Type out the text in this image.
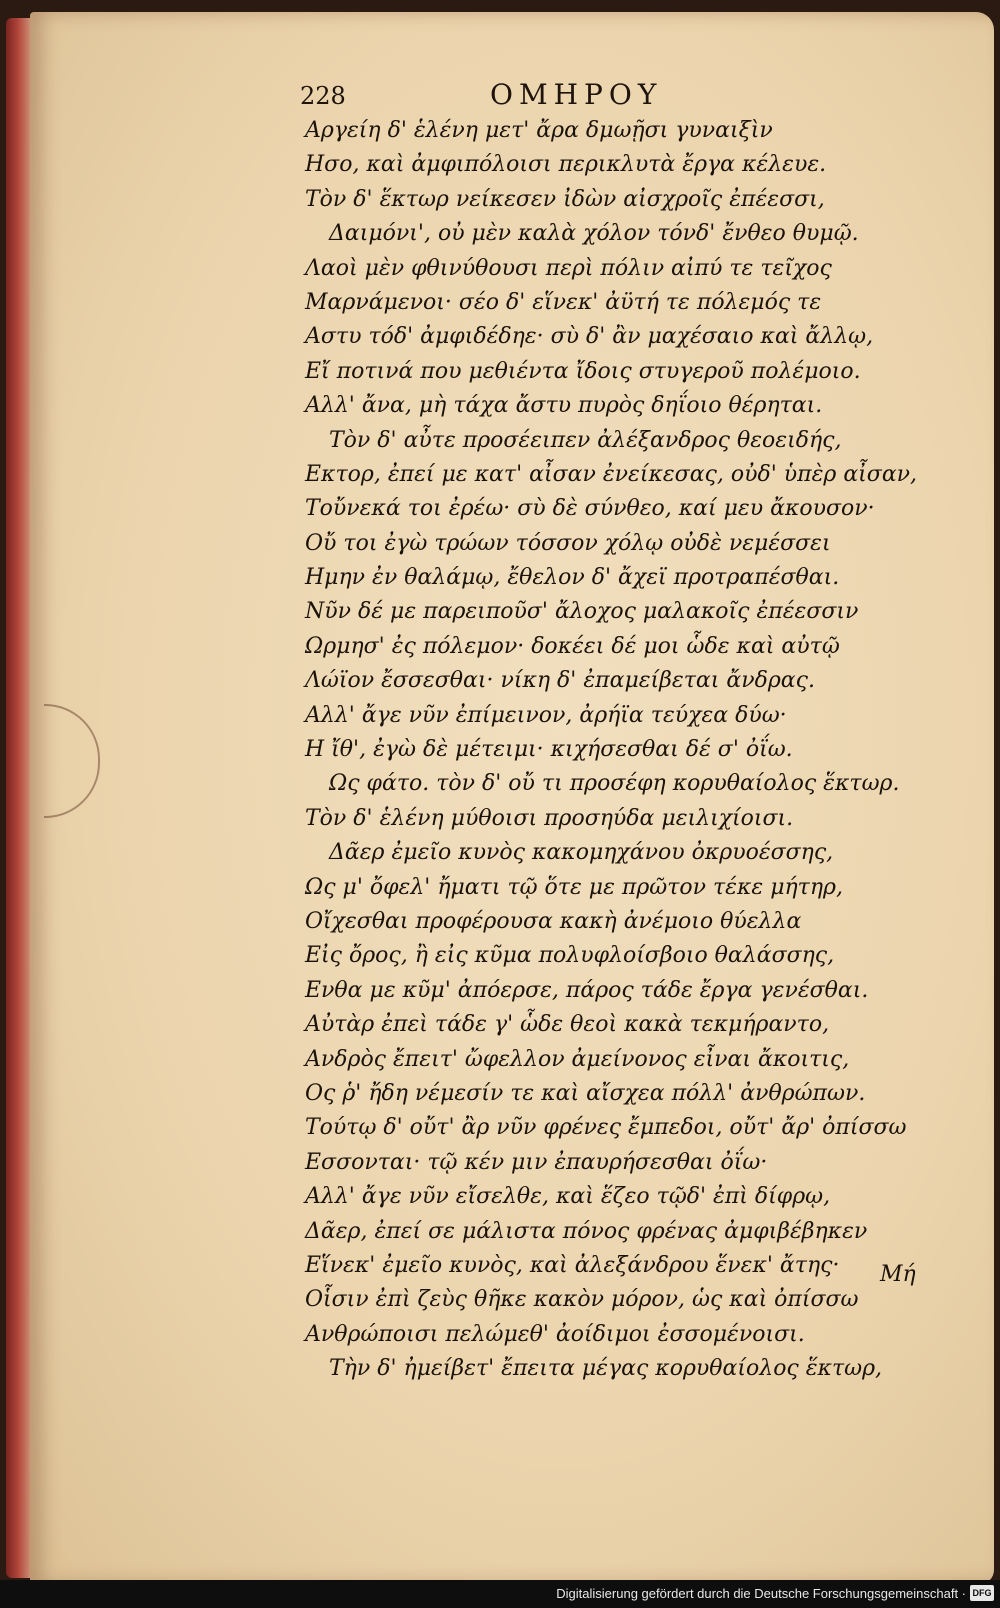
228	ΟΜΗΡΟΥ
Αργείη δ' ἑλένη μετ' ἄρα δμωῇσι γυναιξὶν
Ησο, καὶ ἀμφιπόλοισι περικλυτὰ ἔργα κέλευε.
Τὸν δ' ἕκτωρ νείκεσεν ἰδὼν αἰσχροῖς ἐπέεσσι,
Δαιμόνι', οὐ μὲν καλὰ χόλον τόνδ' ἔνθεο θυμῷ.
Λαοὶ μὲν φθινύθουσι περὶ πόλιν αἰπύ τε τεῖχος
Μαρνάμενοι· σέο δ' εἵνεκ' ἀϋτή τε πόλεμός τε
Αστυ τόδ' ἀμφιδέδηε· σὺ δ' ἂν μαχέσαιο καὶ ἄλλῳ,
Εἴ ποτινά που μεθιέντα ἴδοις στυγεροῦ πολέμοιο.
Αλλ' ἄνα, μὴ τάχα ἄστυ πυρὸς δηΐοιο θέρηται.
Τὸν δ' αὖτε προσέειπεν ἀλέξανδρος θεοειδής,
Εκτορ, ἐπεί με κατ' αἶσαν ἐνείκεσας, οὐδ' ὑπὲρ αἶσαν,
Τοὔνεκά τοι ἐρέω· σὺ δὲ σύνθεο, καί μευ ἄκουσον·
Οὔ τοι ἐγὼ τρώων τόσσον χόλῳ οὐδὲ νεμέσσει
Ημην ἐν θαλάμῳ, ἔθελον δ' ἄχεϊ προτραπέσθαι.
Νῦν δέ με παρειποῦσ' ἄλοχος μαλακοῖς ἐπέεσσιν
Ωρμησ' ἐς πόλεμον· δοκέει δέ μοι ὧδε καὶ αὐτῷ
Λώϊον ἔσσεσθαι· νίκη δ' ἐπαμείβεται ἄνδρας.
Αλλ' ἄγε νῦν ἐπίμεινον, ἀρήϊα τεύχεα δύω·
Η ἴθ', ἐγὼ δὲ μέτειμι· κιχήσεσθαι δέ σ' ὀΐω.
Ως φάτο. τὸν δ' οὔ τι προσέφη κορυθαίολος ἕκτωρ.
Τὸν δ' ἑλένη μύθοισι προσηύδα μειλιχίοισι.
Δᾶερ ἐμεῖο κυνὸς κακομηχάνου ὀκρυοέσσης,
Ως μ' ὄφελ' ἤματι τῷ ὅτε με πρῶτον τέκε μήτηρ,
Οἴχεσθαι προφέρουσα κακὴ ἀνέμοιο θύελλα
Εἰς ὄρος, ἢ εἰς κῦμα πολυφλοίσβοιο θαλάσσης,
Ενθα με κῦμ' ἀπόερσε, πάρος τάδε ἔργα γενέσθαι.
Αὐτὰρ ἐπεὶ τάδε γ' ὧδε θεοὶ κακὰ τεκμήραντο,
Ανδρὸς ἔπειτ' ὤφελλον ἀμείνονος εἶναι ἄκοιτις,
Ος ῥ' ἤδη νέμεσίν τε καὶ αἴσχεα πόλλ' ἀνθρώπων.
Τούτῳ δ' οὔτ' ἂρ νῦν φρένες ἔμπεδοι, οὔτ' ἄρ' ὀπίσσω
Εσσονται· τῷ κέν μιν ἐπαυρήσεσθαι ὀΐω·
Αλλ' ἄγε νῦν εἴσελθε, καὶ ἕζεο τῷδ' ἐπὶ δίφρῳ,
Δᾶερ, ἐπεί σε μάλιστα πόνος φρένας ἀμφιβέβηκεν
Εἵνεκ' ἐμεῖο κυνὸς, καὶ ἀλεξάνδρου ἕνεκ' ἄτης·
Οἷσιν ἐπὶ ζεὺς θῆκε κακὸν μόρον, ὡς καὶ ὀπίσσω
Ανθρώποισι πελώμεθ' ἀοίδιμοι ἐσσομένοισι.
Τὴν δ' ἠμείβετ' ἔπειτα μέγας κορυθαίολος ἕκτωρ,
Μή
Digitalisierung gefördert durch die Deutsche Forschungsgemeinschaft · DFG
